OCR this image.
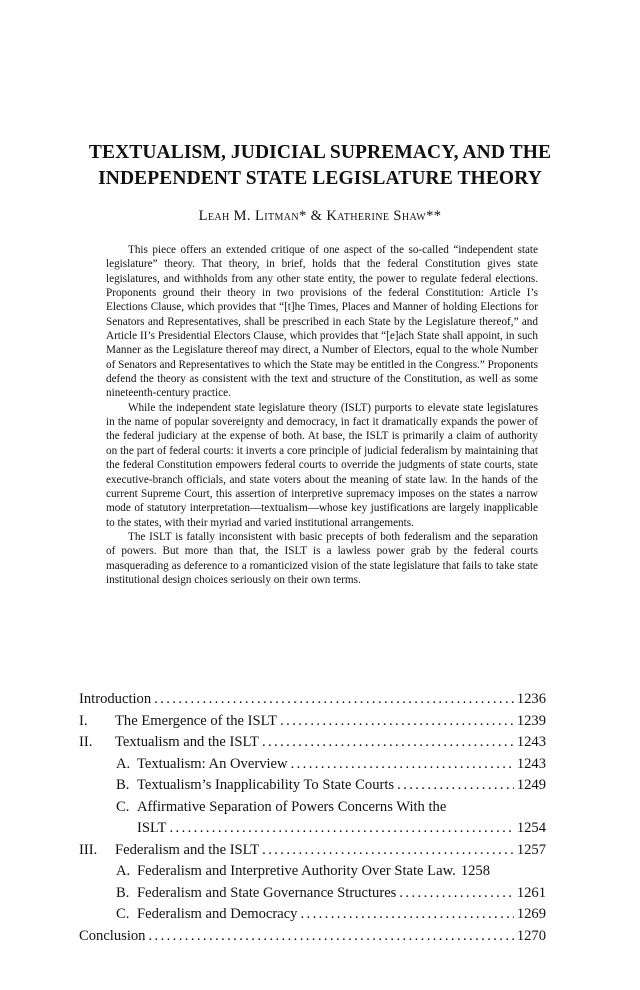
TEXTUALISM, JUDICIAL SUPREMACY, AND THE
INDEPENDENT STATE LEGISLATURE THEORY
Leah M. Litman* & Katherine Shaw**

This piece offers an extended critique of one aspect of the so-called “independent state legislature” theory. That theory, in brief, holds that the federal Constitution gives state legislatures, and withholds from any other state entity, the power to regulate federal elections. Proponents ground their theory in two provisions of the federal Constitution: Article I’s Elections Clause, which provides that “[t]he Times, Places and Manner of holding Elections for Senators and Representatives, shall be prescribed in each State by the Legislature thereof,” and Article II’s Presidential Electors Clause, which provides that “[e]ach State shall appoint, in such Manner as the Legislature thereof may direct, a Number of Electors, equal to the whole Number of Senators and Representatives to which the State may be entitled in the Congress.” Proponents defend the theory as consistent with the text and structure of the Constitution, as well as some nineteenth-century practice.

While the independent state legislature theory (ISLT) purports to elevate state legislatures in the name of popular sovereignty and democracy, in fact it dramatically expands the power of the federal judiciary at the expense of both. At base, the ISLT is primarily a claim of authority on the part of federal courts: it inverts a core principle of judicial federalism by maintaining that the federal Constitution empowers federal courts to override the judgments of state courts, state executive-branch officials, and state voters about the meaning of state law. In the hands of the current Supreme Court, this assertion of interpretive supremacy imposes on the states a narrow mode of statutory interpretation—textualism—whose key justifications are largely inapplicable to the states, with their myriad and varied institutional arrangements.

The ISLT is fatally inconsistent with basic precepts of both federalism and the separation of powers. But more than that, the ISLT is a lawless power grab by the federal courts masquerading as deference to a romanticized vision of the state legislature that fails to take state institutional design choices seriously on their own terms.

Introduction .....	1236
I.	The Emergence of the ISLT .....	1239
II.	Textualism and the ISLT .....	1243
A. Textualism: An Overview .....	1243
B. Textualism’s Inapplicability To State Courts .....	1249
C. Affirmative Separation of Powers Concerns With the
ISLT .....	1254
III.	Federalism and the ISLT .....	1257
A. Federalism and Interpretive Authority Over State Law. 1258
B. Federalism and State Governance Structures .....	1261
C. Federalism and Democracy .....	1269
Conclusion .....	1270
